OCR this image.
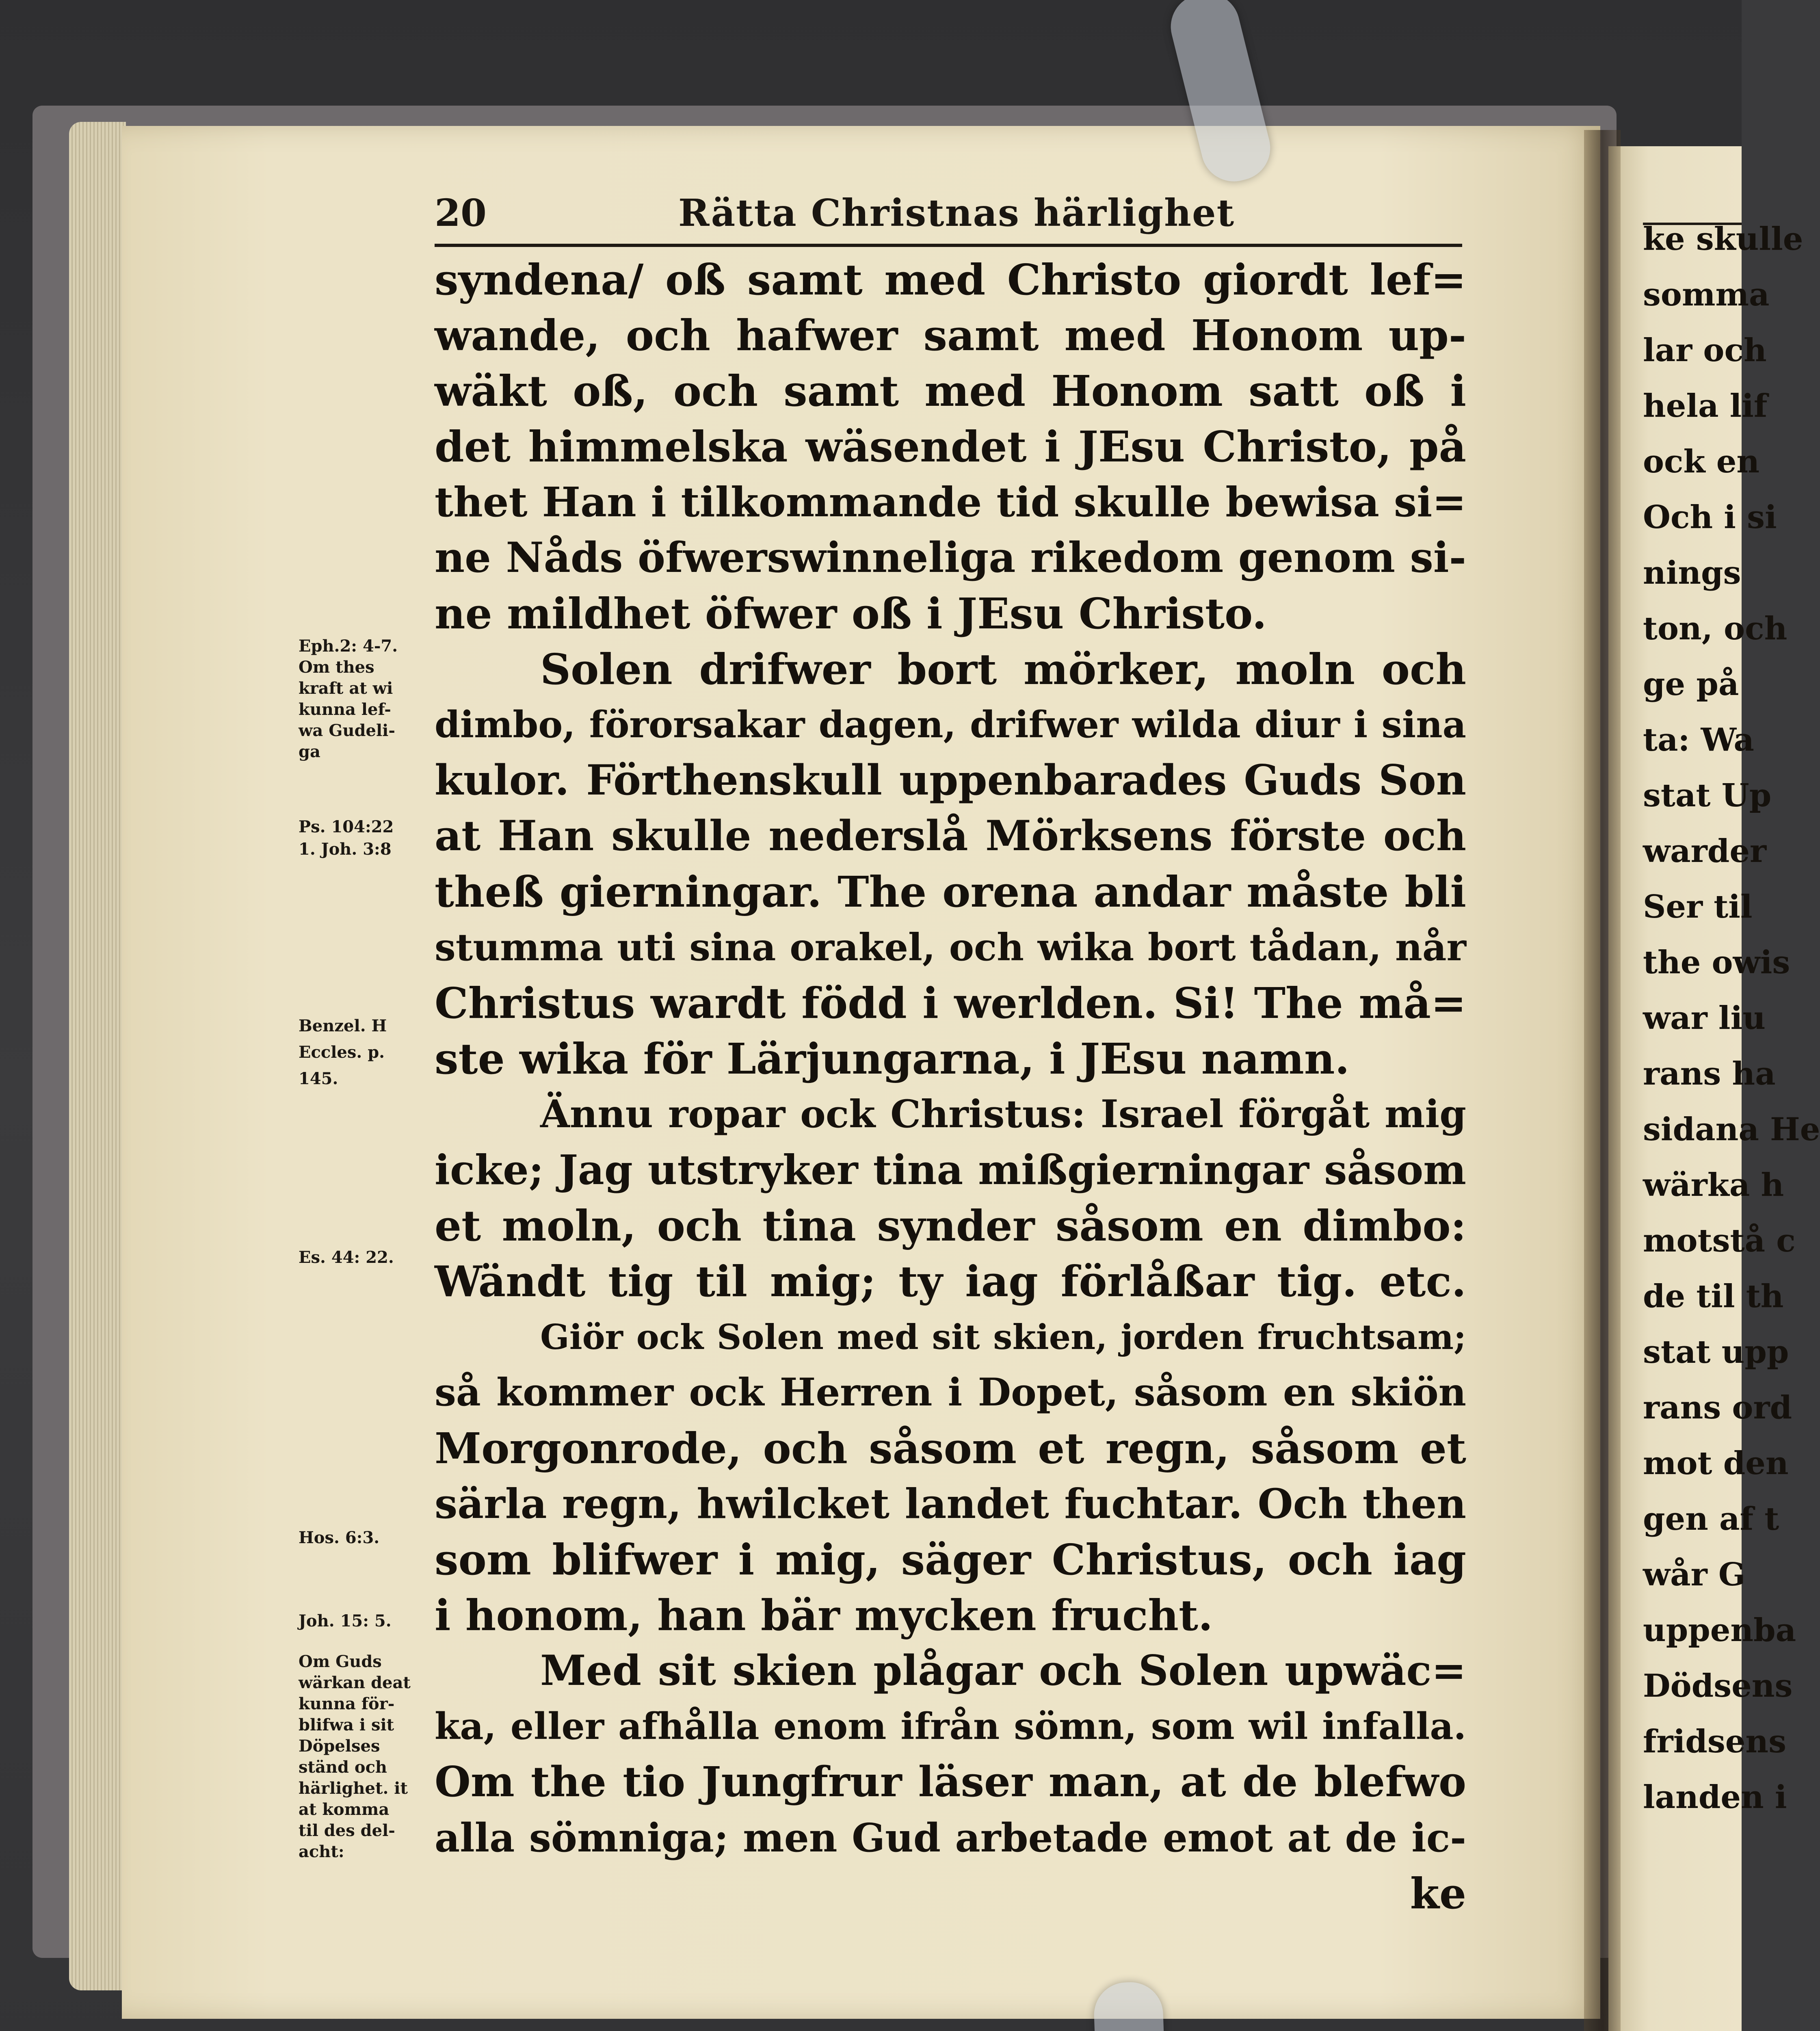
20	Rätta Christnas härlighet
syndena/ oß samt med Christo giordt lef=
wande, och hafwer samt med Honom up-
wäkt oß, och samt med Honom satt oß i
det himmelska wäsendet i JEsu Christo, på
thet Han i tilkommande tid skulle bewisa si=
ne Nåds öfwerswinneliga rikedom genom si-
ne mildhet öfwer oß i JEsu Christo.
Solen drifwer bort mörker, moln och
dimbo, förorsakar dagen, drifwer wilda diur i sina
kulor. Förthenskull uppenbarades Guds Son
at Han skulle nederslå Mörksens förste och
theß gierningar. The orena andar måste bli
stumma uti sina orakel, och wika bort tådan, når
Christus wardt född i werlden. Si! The må=
ste wika för Lärjungarna, i JEsu namn.
Ännu ropar ock Christus: Israel förgåt mig
icke; Jag utstryker tina mißgierningar såsom
et moln, och tina synder såsom en dimbo:
Wändt tig til mig; ty iag förlåßar tig. etc.
Giör ock Solen med sit skien, jorden fruchtsam;
så kommer ock Herren i Dopet, såsom en skiön
Morgonrode, och såsom et regn, såsom et
särla regn, hwilcket landet fuchtar. Och then
som blifwer i mig, säger Christus, och iag
i honom, han bär mycken frucht.
Med sit skien plågar och Solen upwäc=
ka, eller afhålla enom ifrån sömn, som wil infalla.
Om the tio Jungfrur läser man, at de blefwo
alla sömniga; men Gud arbetade emot at de ic-
ke
Eph.2: 4-7.
Om thes
kraft at wi
kunna lef-
wa Gudeli-
ga
Ps. 104:22
1. Joh. 3:8
Benzel. H
Eccles. p.
145.
Es. 44: 22.
Hos. 6:3.
Joh. 15: 5.
Om Guds
wärkan deat
kunna för-
blifwa i sit
Döpelses
ständ och
härlighet. it
at komma
til des del-
acht:
ke skulle
somma
lar och
hela lif
ock en
Och i si
nings
ton, och
ge på
ta: Wa
stat Up
warder
Ser til
the owis
war liu
rans ha
sidana He
wärka h
motstå c
de til th
stat upp
rans ord
mot den
gen af t
wår G
uppenba
Dödsens
fridsens
landen i
